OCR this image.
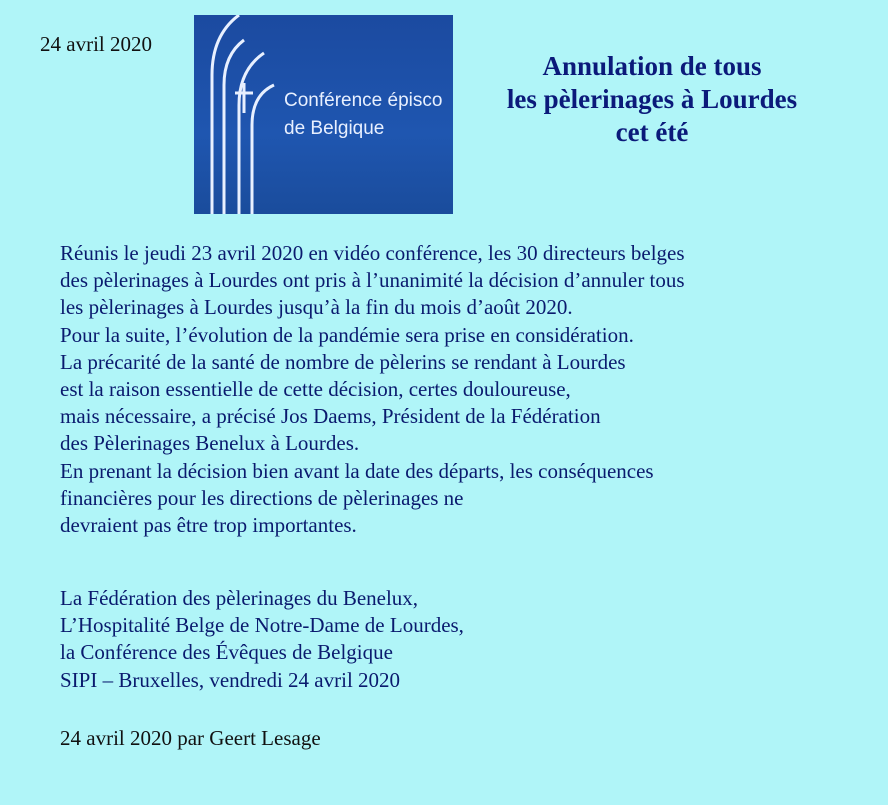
24 avril 2020
Conférence épisco
de Belgique
Annulation de tous
les pèlerinages à Lourdes
cet été
Réunis le jeudi 23 avril 2020 en vidéo conférence, les 30 directeurs belges
des pèlerinages à Lourdes ont pris à l’unanimité la décision d’annuler tous
les pèlerinages à Lourdes jusqu’à la fin du mois d’août 2020.
Pour la suite, l’évolution de la pandémie sera prise en considération.
La précarité de la santé de nombre de pèlerins se rendant à Lourdes
est la raison essentielle de cette décision, certes douloureuse,
mais nécessaire, a précisé Jos Daems, Président de la Fédération
des Pèlerinages Benelux à Lourdes.
En prenant la décision bien avant la date des départs, les conséquences
financières pour les directions de pèlerinages ne
devraient pas être trop importantes.
La Fédération des pèlerinages du Benelux,
L’Hospitalité Belge de Notre-Dame de Lourdes,
la Conférence des Évêques de Belgique
SIPI – Bruxelles, vendredi 24 avril 2020
24 avril 2020 par Geert Lesage
